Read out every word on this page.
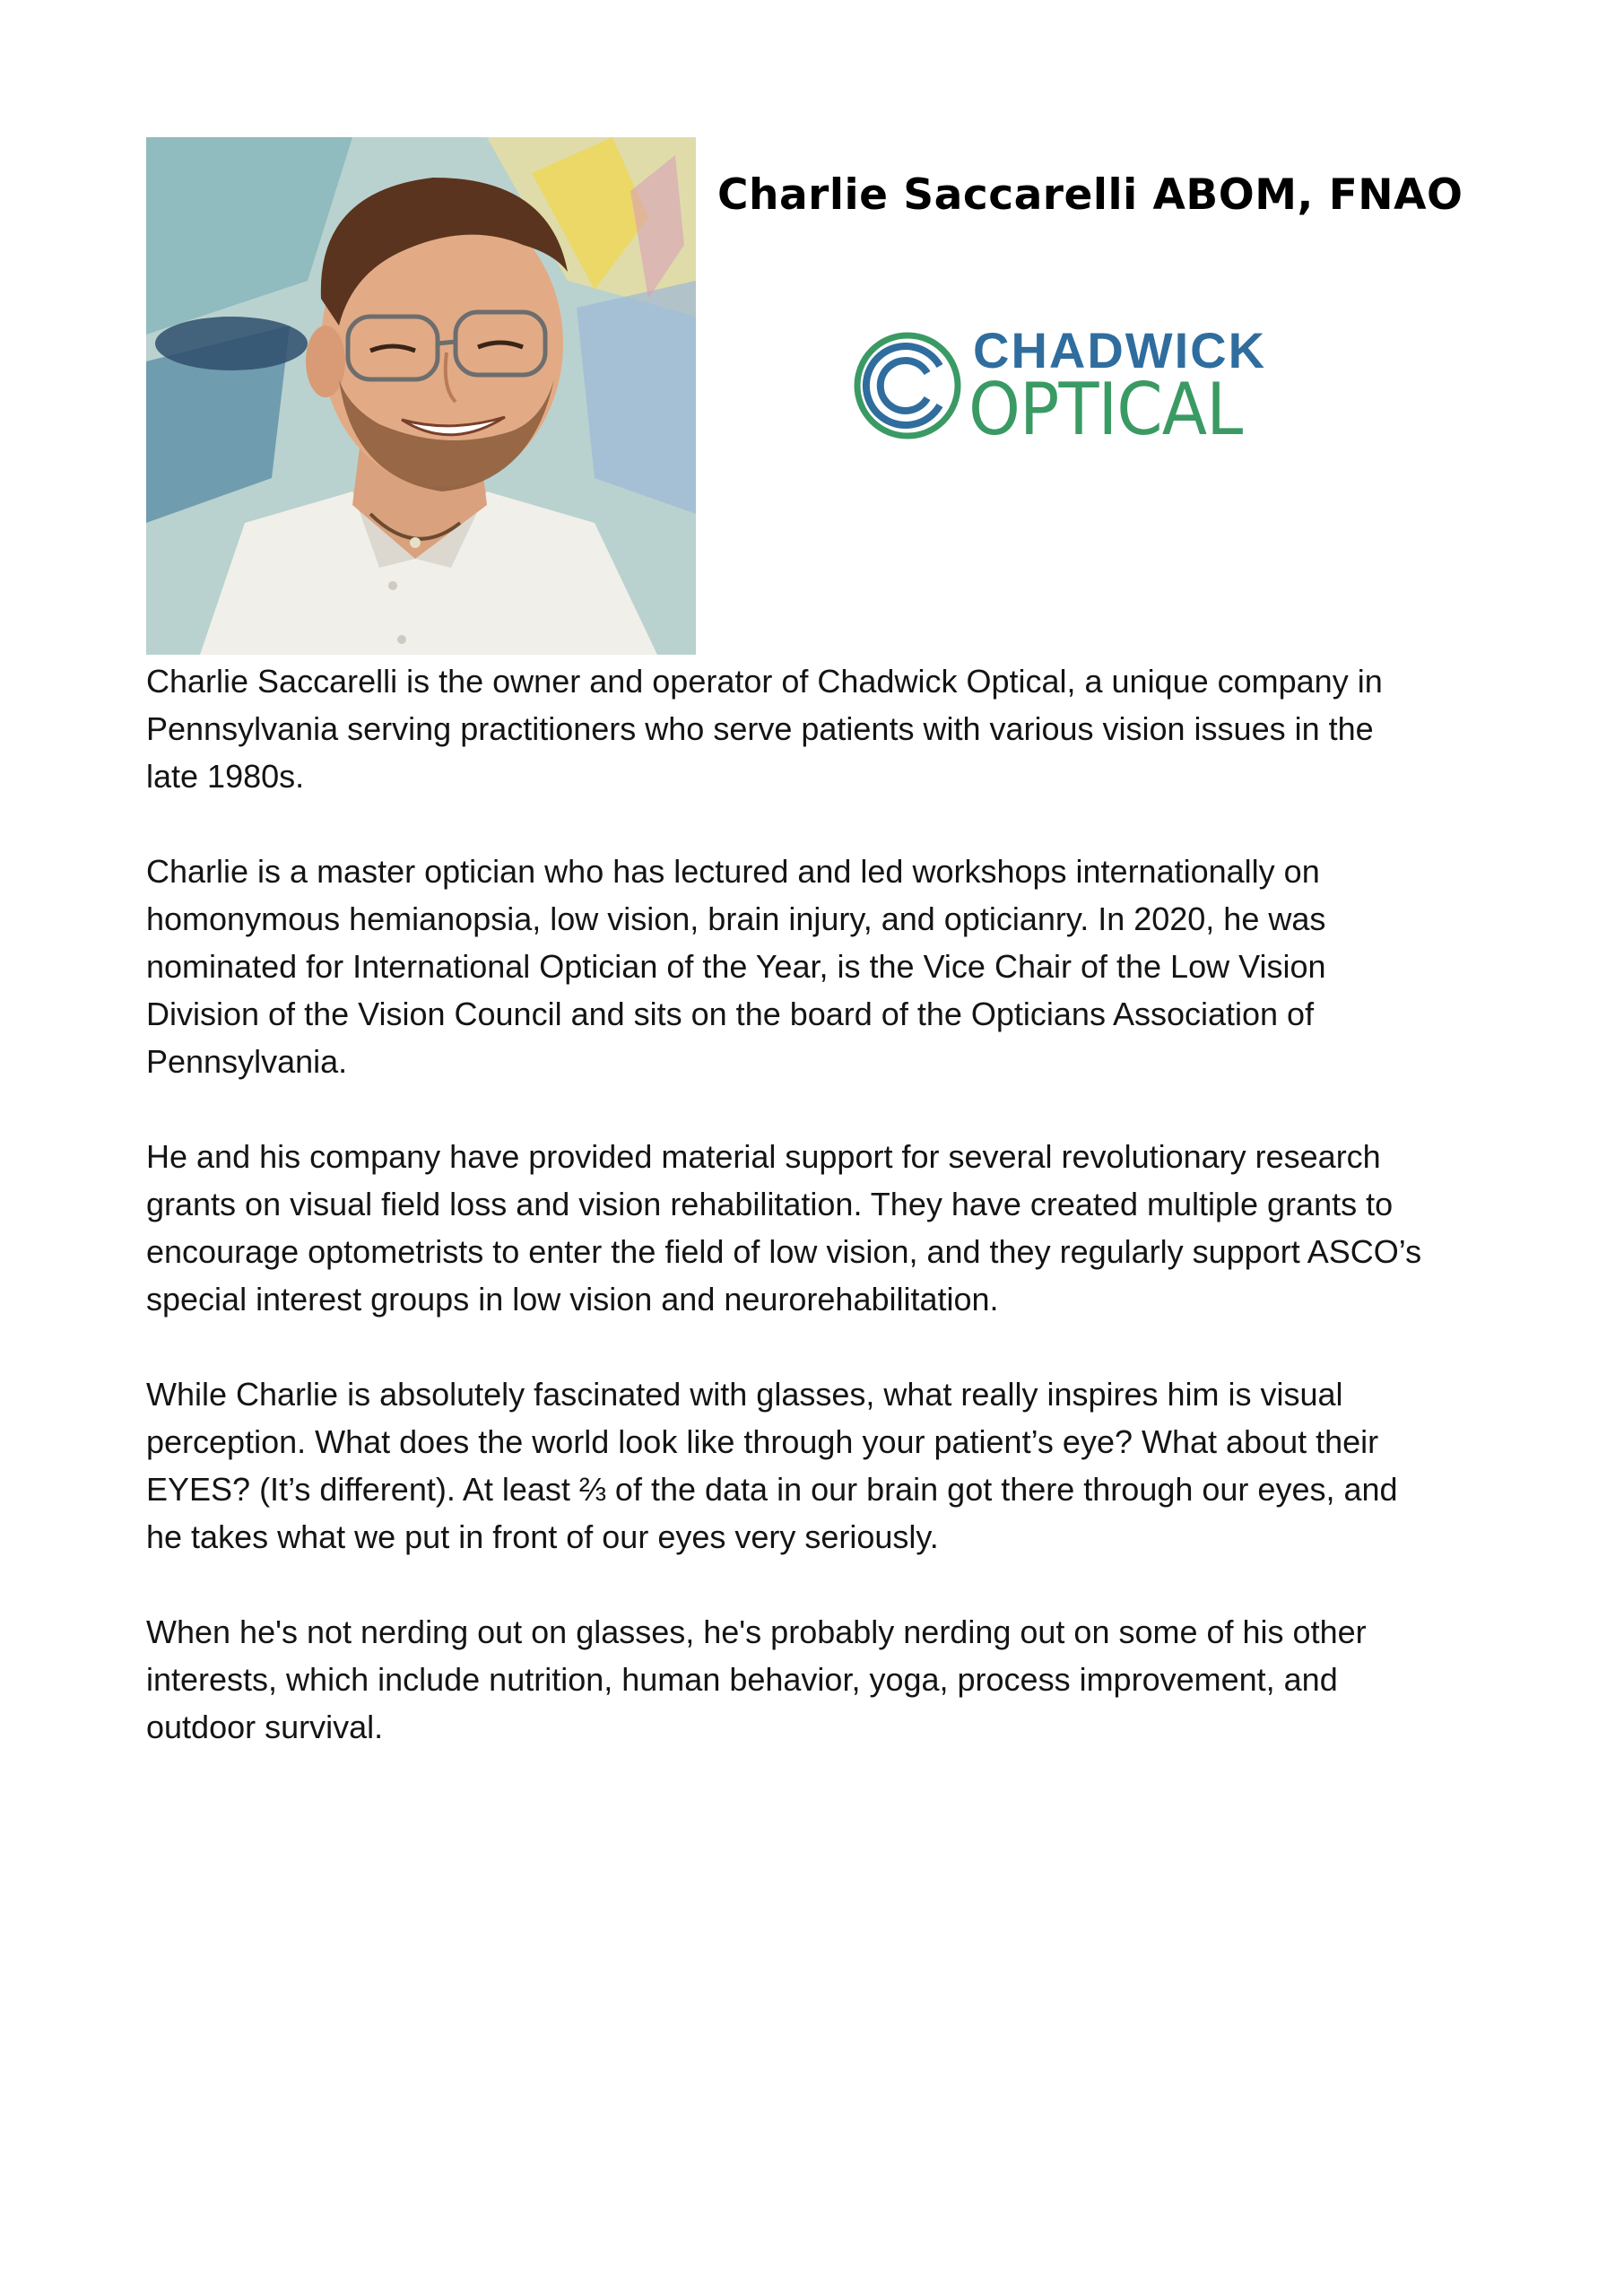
Charlie Saccarelli ABOM, FNAO
CHADWICK
OPTICAL

Charlie Saccarelli is the owner and operator of Chadwick Optical, a unique company in
Pennsylvania serving practitioners who serve patients with various vision issues in the
late 1980s.

Charlie is a master optician who has lectured and led workshops internationally on
homonymous hemianopsia, low vision, brain injury, and opticianry. In 2020, he was
nominated for International Optician of the Year, is the Vice Chair of the Low Vision
Division of the Vision Council and sits on the board of the Opticians Association of
Pennsylvania.

He and his company have provided material support for several revolutionary research
grants on visual field loss and vision rehabilitation. They have created multiple grants to
encourage optometrists to enter the field of low vision, and they regularly support ASCO’s
special interest groups in low vision and neurorehabilitation.

While Charlie is absolutely fascinated with glasses, what really inspires him is visual
perception. What does the world look like through your patient’s eye? What about their
EYES? (It’s different). At least ⅔ of the data in our brain got there through our eyes, and
he takes what we put in front of our eyes very seriously.

When he's not nerding out on glasses, he's probably nerding out on some of his other
interests, which include nutrition, human behavior, yoga, process improvement, and
outdoor survival.
